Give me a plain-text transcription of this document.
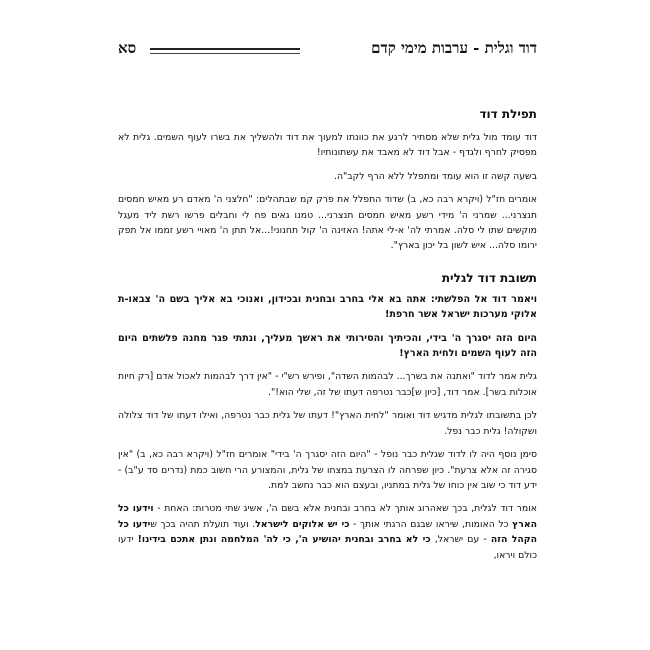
דוד וגלית - ערבות מימי קדם
סא
תפילת דוד

דוד עומד מול גלית שלא מסתיר לרגע את כוונתו למעוך את דוד ולהשליך את בשרו לעוף השמים. גלית לא מפסיק לחרף ולגדף - אבל דוד לא מאבד את עשתונותיו!

בשעה קשה זו הוא עומד ומתפלל ללא הרף לקב"ה.

אומרים חז"ל (ויקרא רבה כא, ב) שדוד התפלל את פרק קמ שבתהלים: "חלצני ה' מאדם רע מאיש חמסים תנצרני... שמרני ה' מידי רשע מאיש חמסים תנצרני... טמנו גאים פח לי וחבלים פרשו רשת ליד מעגל מוקשים שתו לי סלה. אמרתי לה' א-לי אתה! האזינה ה' קול תחנוני!...אל תתן ה' מאויי רשע זממו אל תפק ירומו סלה... איש לשון בל יכון בארץ".

תשובת דוד לגלית

ויאמר דוד אל הפלשתי: אתה בא אלי בחרב ובחנית ובכידון, ואנוכי בא אליך בשם ה' צבאו-ת אלוקי מערכות ישראל אשר חרפת!

היום הזה יסגרך ה' בידי, והכיתיך והסירותי את ראשך מעליך, ונתתי פגר מחנה פלשתים היום הזה לעוף השמים ולחית הארץ!

גלית אמר לדוד "ואתנה את בשרך... לבהמות השדה", ופירש רש"י - "אין דרך לבהמות לאכול אדם [רק חיות אוכלות בשר]. אמר דוד, [כיון ש]כבר נטרפה דעתו של זה, שלי הוא!".

לכן בתשובתו לגלית מדגיש דוד ואומר "לחית הארץ"! דעתו של גלית כבר נטרפה, ואילו דעתו של דוד צלולה ושקולה! גלית כבר נפל.

סימן נוסף היה לו לדוד שגלית כבר נופל - "היום הזה יסגרך ה' בידי" אומרים חז"ל (ויקרא רבה כא, ב) "אין סגירה זה אלא צרעת". כיון שפרחה לו הצרעת במצחו של גלית, והמצורע הרי חשוב כמת (נדרים סד ע"ב) - ידע דוד כי שוב אין כוחו של גלית במתניו, ובעצם הוא כבר נחשב למת.

אומר דוד לגלית, בכך שאהרוג אותך לא בחרב ובחנית אלא בשם ה', אשיג שתי מטרות: האחת - וידעו כל הארץ כל האומות, שיראו שבגם הרגתי אותך - כי יש אלוקים לישראל. ועוד תועלת תהיה בכך שידעו כל הקהל הזה - עם ישראל, כי לא בחרב ובחנית יהושיע ה', כי לה' המלחמה ונתן אתכם בידינו! ידעו כולם ויראו,
